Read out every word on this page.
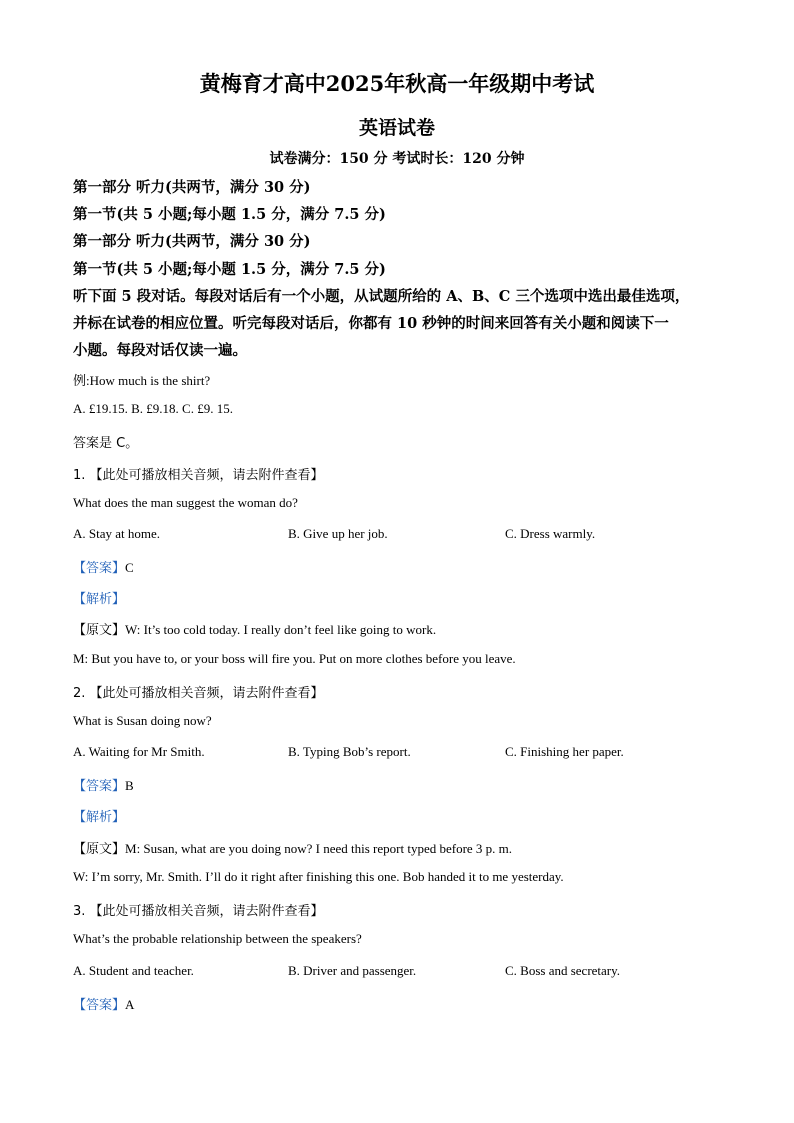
黄梅育才高中2025年秋高一年级期中考试
英语试卷
试卷满分：150 分 考试时长：120 分钟
第一部分 听力(共两节，满分 30 分)
第一节(共 5 小题;每小题 1.5 分，满分 7.5 分)
第一部分 听力(共两节，满分 30 分)
第一节(共 5 小题;每小题 1.5 分，满分 7.5 分)
听下面 5 段对话。每段对话后有一个小题，从试题所给的 A、B、C 三个选项中选出最佳选项，
并标在试卷的相应位置。听完每段对话后，你都有 10 秒钟的时间来回答有关小题和阅读下一
小题。每段对话仅读一遍。
例:How much is the shirt?
A. £19.15. B. £9.18. C. £9. 15.
答案是 C。
1. 【此处可播放相关音频，请去附件查看】
What does the man suggest the woman do?
A. Stay at home.	B. Give up her job.	C. Dress warmly.
【答案】C
【解析】
【原文】W: It’s too cold today. I really don’t feel like going to work.
M: But you have to, or your boss will fire you. Put on more clothes before you leave.
2. 【此处可播放相关音频，请去附件查看】
What is Susan doing now?
A. Waiting for Mr Smith.	B. Typing Bob’s report.	C. Finishing her paper.
【答案】B
【解析】
【原文】M: Susan, what are you doing now? I need this report typed before 3 p. m.
W: I’m sorry, Mr. Smith. I’ll do it right after finishing this one. Bob handed it to me yesterday.
3. 【此处可播放相关音频，请去附件查看】
What’s the probable relationship between the speakers?
A. Student and teacher.	B. Driver and passenger.	C. Boss and secretary.
【答案】A
